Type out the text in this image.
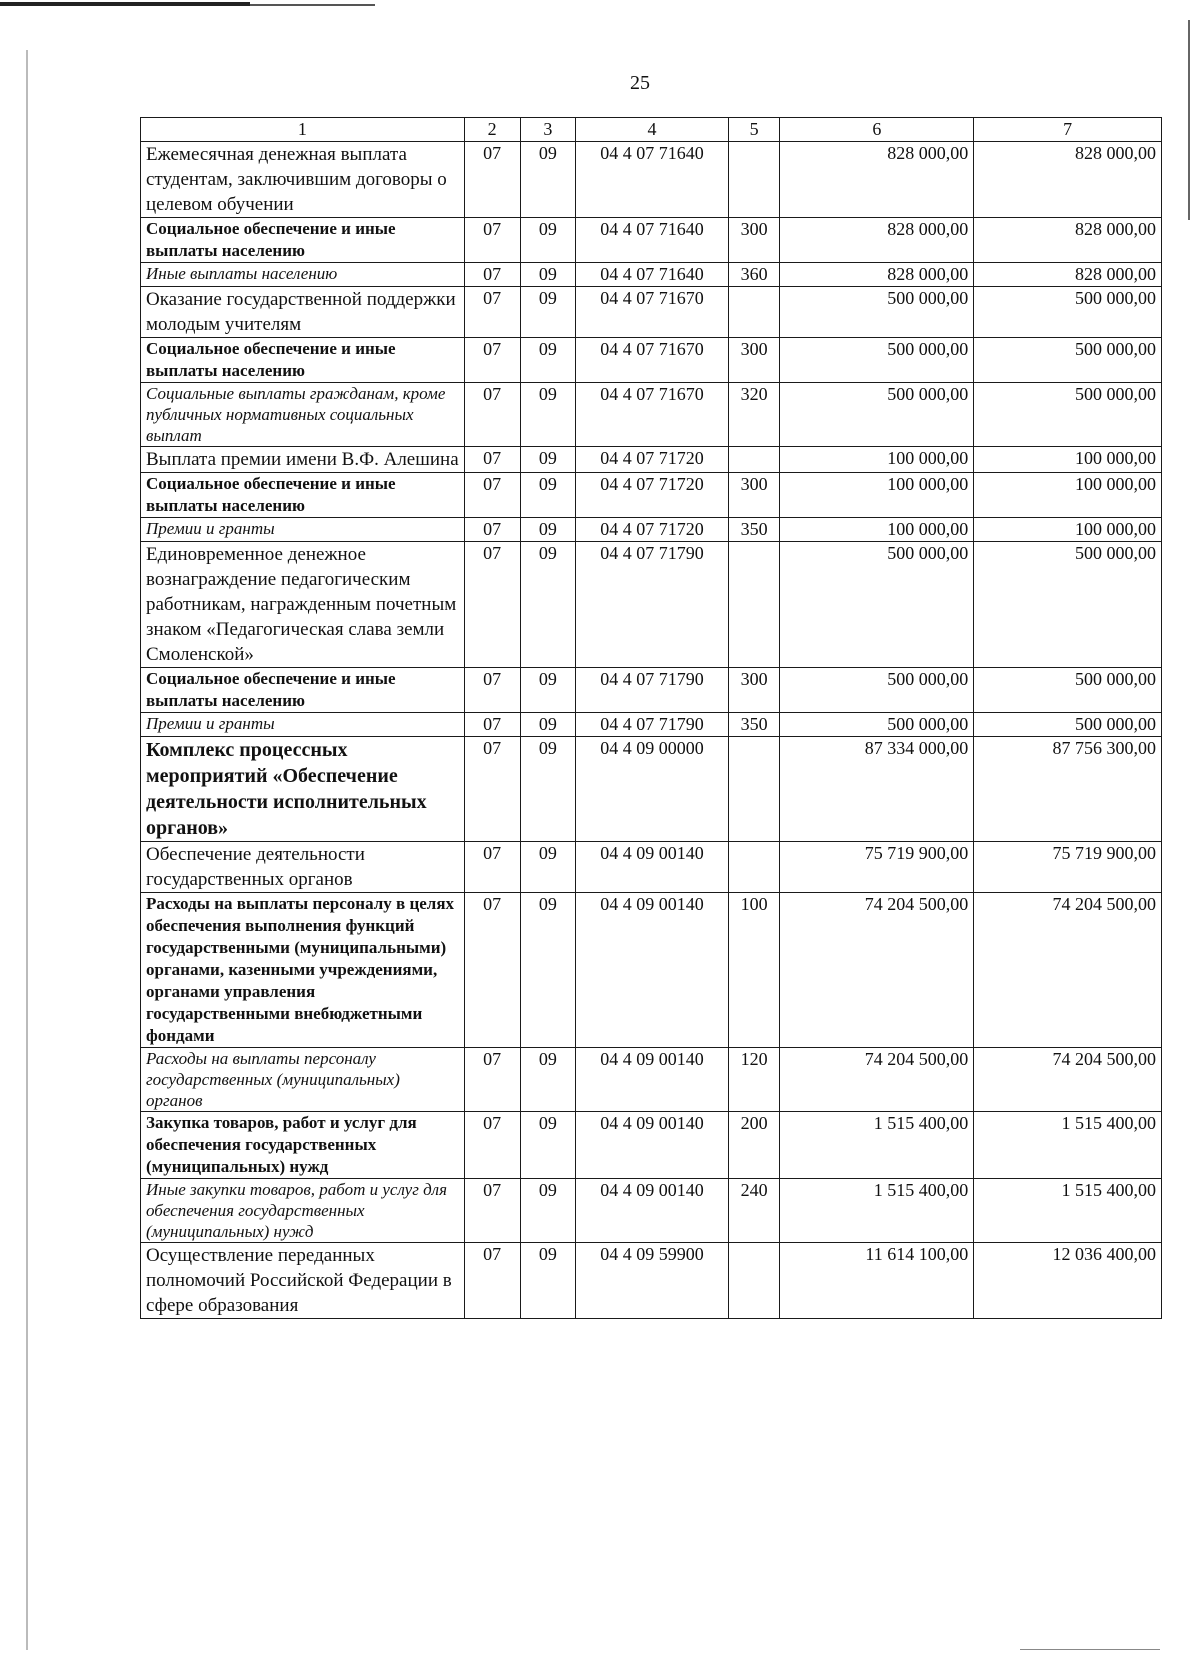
25
1	2	3	4	5	6	7
Ежемесячная денежная выплата студентам, заключившим договоры о целевом обучении	07	09	04 4 07 71640		828 000,00	828 000,00
Социальное обеспечение и иные выплаты населению	07	09	04 4 07 71640	300	828 000,00	828 000,00
Иные выплаты населению	07	09	04 4 07 71640	360	828 000,00	828 000,00
Оказание государственной поддержки молодым учителям	07	09	04 4 07 71670		500 000,00	500 000,00
Социальное обеспечение и иные выплаты населению	07	09	04 4 07 71670	300	500 000,00	500 000,00
Социальные выплаты гражданам, кроме публичных нормативных социальных выплат	07	09	04 4 07 71670	320	500 000,00	500 000,00
Выплата премии имени В.Ф. Алешина	07	09	04 4 07 71720		100 000,00	100 000,00
Социальное обеспечение и иные выплаты населению	07	09	04 4 07 71720	300	100 000,00	100 000,00
Премии и гранты	07	09	04 4 07 71720	350	100 000,00	100 000,00
Единовременное денежное вознаграждение педагогическим работникам, награжденным почетным знаком «Педагогическая слава земли Смоленской»	07	09	04 4 07 71790		500 000,00	500 000,00
Социальное обеспечение и иные выплаты населению	07	09	04 4 07 71790	300	500 000,00	500 000,00
Премии и гранты	07	09	04 4 07 71790	350	500 000,00	500 000,00
Комплекс процессных мероприятий «Обеспечение деятельности исполнительных органов»	07	09	04 4 09 00000		87 334 000,00	87 756 300,00
Обеспечение деятельности государственных органов	07	09	04 4 09 00140		75 719 900,00	75 719 900,00
Расходы на выплаты персоналу в целях обеспечения выполнения функций государственными (муниципальными) органами, казенными учреждениями, органами управления государственными внебюджетными фондами	07	09	04 4 09 00140	100	74 204 500,00	74 204 500,00
Расходы на выплаты персоналу государственных (муниципальных) органов	07	09	04 4 09 00140	120	74 204 500,00	74 204 500,00
Закупка товаров, работ и услуг для обеспечения государственных (муниципальных) нужд	07	09	04 4 09 00140	200	1 515 400,00	1 515 400,00
Иные закупки товаров, работ и услуг для обеспечения государственных (муниципальных) нужд	07	09	04 4 09 00140	240	1 515 400,00	1 515 400,00
Осуществление переданных полномочий Российской Федерации в сфере образования	07	09	04 4 09 59900		11 614 100,00	12 036 400,00
